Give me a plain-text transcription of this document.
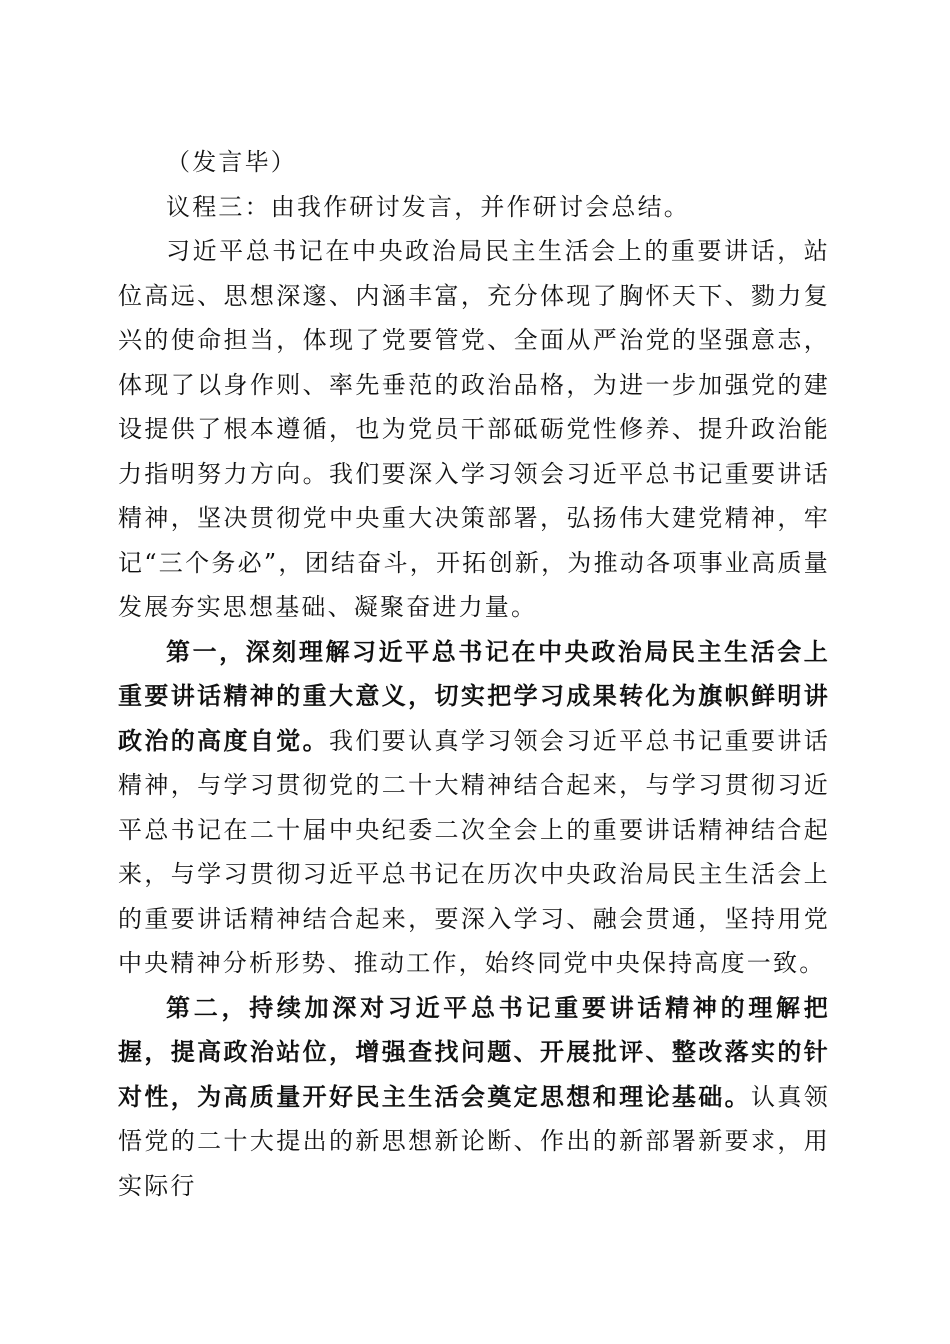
（发言毕）

议程三：由我作研讨发言，并作研讨会总结。

习近平总书记在中央政治局民主生活会上的重要讲话，站位高远、思想深邃、内涵丰富，充分体现了胸怀天下、勠力复兴的使命担当，体现了党要管党、全面从严治党的坚强意志，体现了以身作则、率先垂范的政治品格，为进一步加强党的建设提供了根本遵循，也为党员干部砥砺党性修养、提升政治能力指明努力方向。我们要深入学习领会习近平总书记重要讲话精神，坚决贯彻党中央重大决策部署，弘扬伟大建党精神，牢记“三个务必”，团结奋斗，开拓创新，为推动各项事业高质量发展夯实思想基础、凝聚奋进力量。

第一，深刻理解习近平总书记在中央政治局民主生活会上重要讲话精神的重大意义，切实把学习成果转化为旗帜鲜明讲政治的高度自觉。我们要认真学习领会习近平总书记重要讲话精神，与学习贯彻党的二十大精神结合起来，与学习贯彻习近平总书记在二十届中央纪委二次全会上的重要讲话精神结合起来，与学习贯彻习近平总书记在历次中央政治局民主生活会上的重要讲话精神结合起来，要深入学习、融会贯通，坚持用党中央精神分析形势、推动工作，始终同党中央保持高度一致。

第二，持续加深对习近平总书记重要讲话精神的理解把握，提高政治站位，增强查找问题、开展批评、整改落实的针对性，为高质量开好民主生活会奠定思想和理论基础。认真领悟党的二十大提出的新思想新论断、作出的新部署新要求，用实际行
